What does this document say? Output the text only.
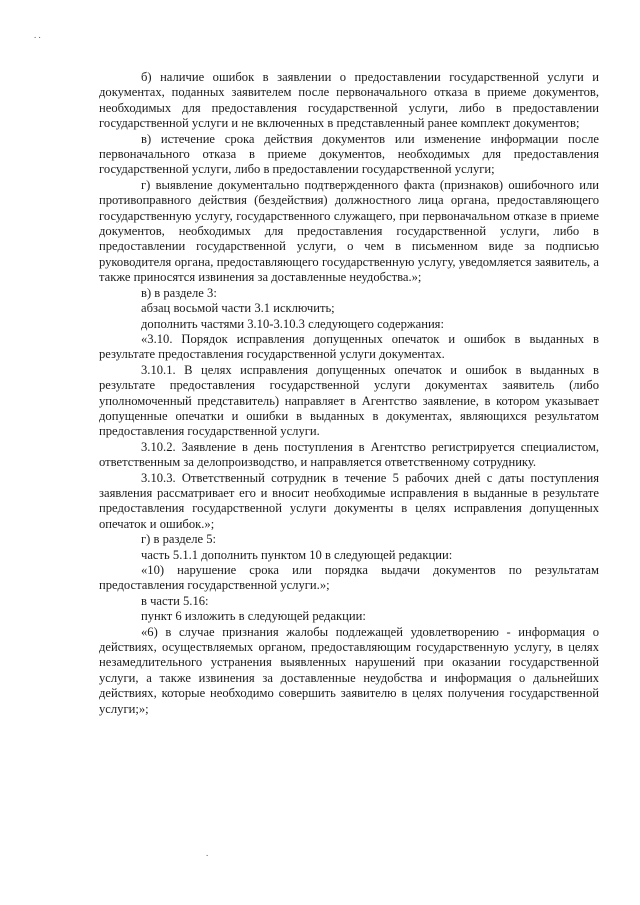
. .
.

б) наличие ошибок в заявлении о предоставлении государственной услуги и документах, поданных заявителем после первоначального отказа в приеме документов, необходимых для предоставления государственной услуги, либо в предоставлении государственной услуги и не включенных в представленный ранее комплект документов;

в) истечение срока действия документов или изменение информации после первоначального отказа в приеме документов, необходимых для предоставления государственной услуги, либо в предоставлении государственной услуги;

г) выявление документально подтвержденного факта (признаков) ошибочного или противоправного действия (бездействия) должностного лица органа, предоставляющего государственную услугу, государственного служащего, при первоначальном отказе в приеме документов, необходимых для предоставления государственной услуги, либо в предоставлении государственной услуги, о чем в письменном виде за подписью руководителя органа, предоставляющего государственную услугу, уведомляется заявитель, а также приносятся извинения за доставленные неудобства.»;

в) в разделе 3:

абзац восьмой части 3.1 исключить;

дополнить частями 3.10-3.10.3 следующего содержания:

«3.10. Порядок исправления допущенных опечаток и ошибок в выданных в результате предоставления государственной услуги документах.

3.10.1. В целях исправления допущенных опечаток и ошибок в выданных в результате предоставления государственной услуги документах заявитель (либо уполномоченный представитель) направляет в Агентство заявление, в котором указывает допущенные опечатки и ошибки в выданных в документах, являющихся результатом предоставления государственной услуги.

3.10.2. Заявление в день поступления в Агентство регистрируется специалистом, ответственным за делопроизводство, и направляется ответственному сотруднику.

3.10.3. Ответственный сотрудник в течение 5 рабочих дней с даты поступления заявления рассматривает его и вносит необходимые исправления в выданные в результате предоставления государственной услуги документы в целях исправления допущенных опечаток и ошибок.»;

г) в разделе 5:

часть 5.1.1 дополнить пунктом 10 в следующей редакции:

«10) нарушение срока или порядка выдачи документов по результатам предоставления государственной услуги.»;

в части 5.16:

пункт 6 изложить в следующей редакции:

«6) в случае признания жалобы подлежащей удовлетворению - информация о действиях, осуществляемых органом, предоставляющим государственную услугу, в целях незамедлительного устранения выявленных нарушений при оказании государственной услуги, а также извинения за доставленные неудобства и информация о дальнейших действиях, которые необходимо совершить заявителю в целях получения государственной услуги;»;
